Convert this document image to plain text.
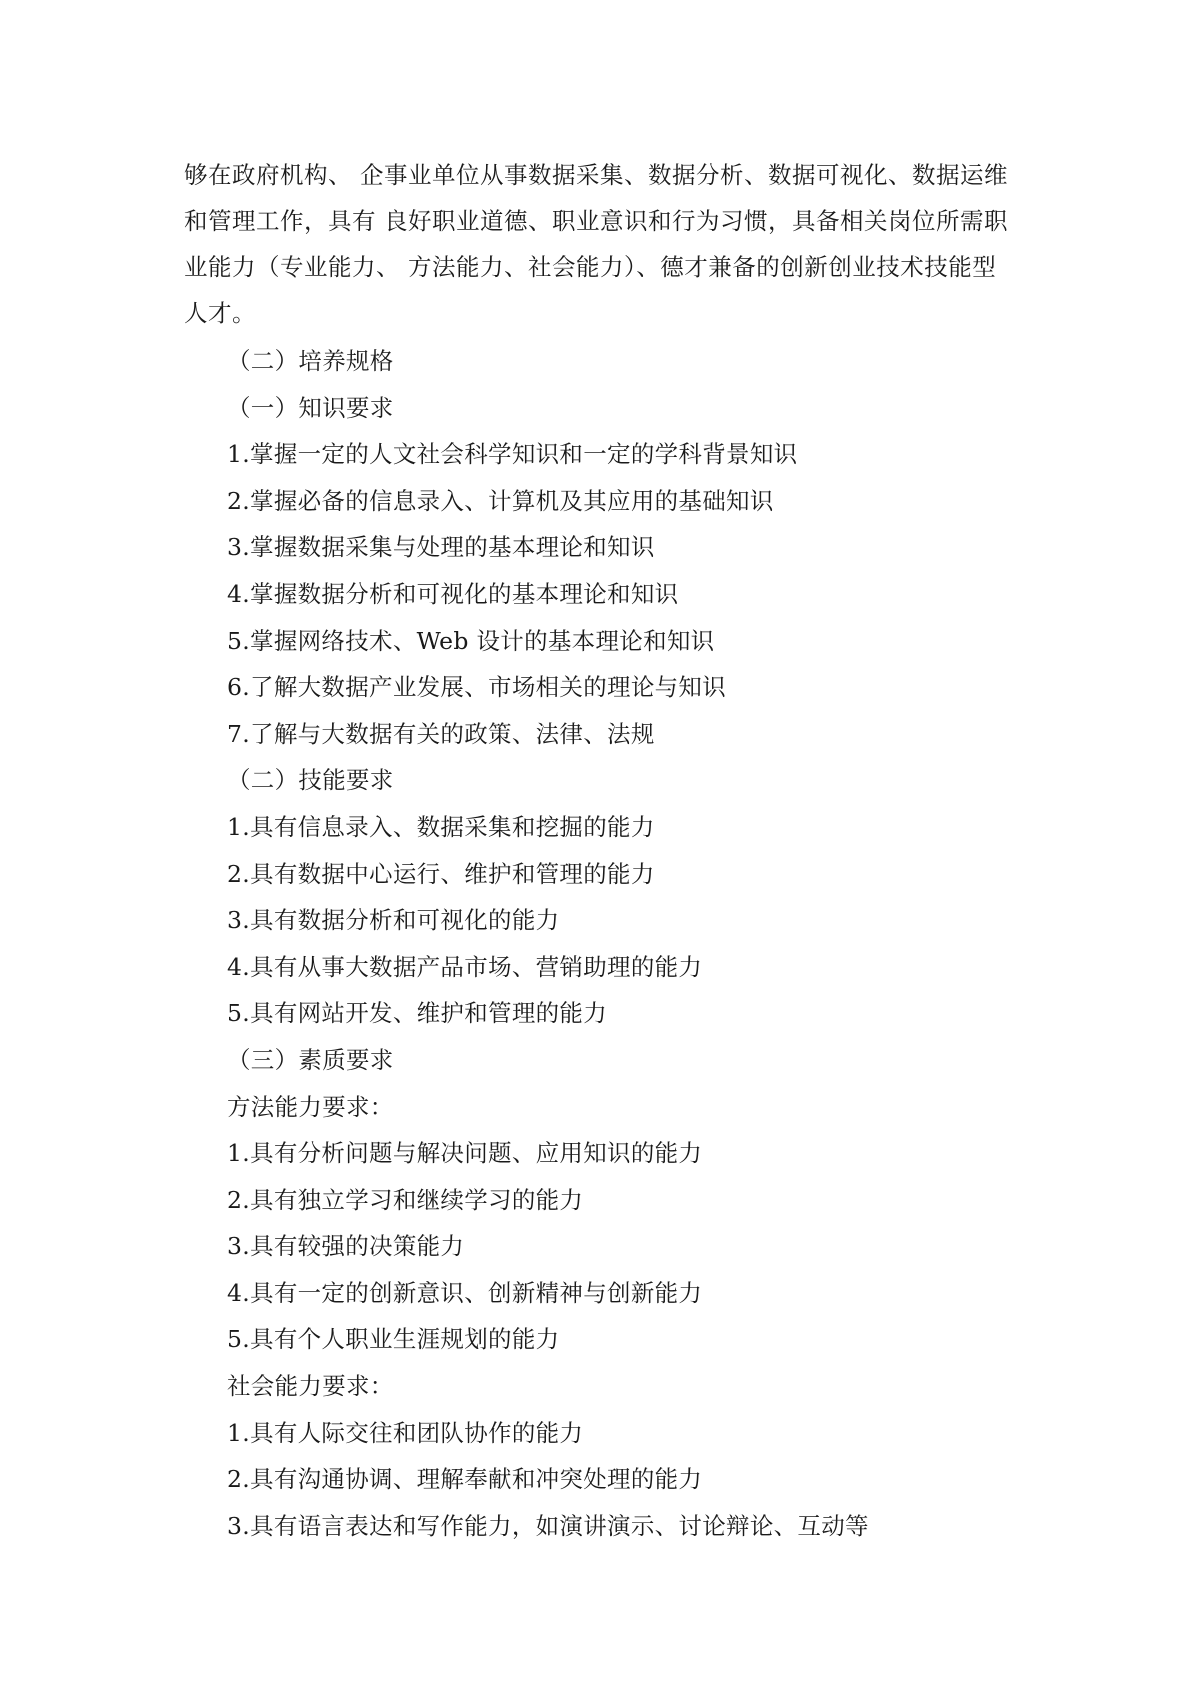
够在政府机构、 企事业单位从事数据采集、数据分析、数据可视化、数据运维
和管理工作，具有 良好职业道德、职业意识和行为习惯，具备相关岗位所需职
业能力（专业能力、 方法能力、社会能力）、德才兼备的创新创业技术技能型
人才。
（二）培养规格
（一）知识要求
1.掌握一定的人文社会科学知识和一定的学科背景知识
2.掌握必备的信息录入、计算机及其应用的基础知识
3.掌握数据采集与处理的基本理论和知识
4.掌握数据分析和可视化的基本理论和知识
5.掌握网络技术、Web 设计的基本理论和知识
6.了解大数据产业发展、市场相关的理论与知识
7.了解与大数据有关的政策、法律、法规
（二）技能要求
1.具有信息录入、数据采集和挖掘的能力
2.具有数据中心运行、维护和管理的能力
3.具有数据分析和可视化的能力
4.具有从事大数据产品市场、营销助理的能力
5.具有网站开发、维护和管理的能力
（三）素质要求
方法能力要求：
1.具有分析问题与解决问题、应用知识的能力
2.具有独立学习和继续学习的能力
3.具有较强的决策能力
4.具有一定的创新意识、创新精神与创新能力
5.具有个人职业生涯规划的能力
社会能力要求：
1.具有人际交往和团队协作的能力
2.具有沟通协调、理解奉献和冲突处理的能力
3.具有语言表达和写作能力，如演讲演示、讨论辩论、互动等
